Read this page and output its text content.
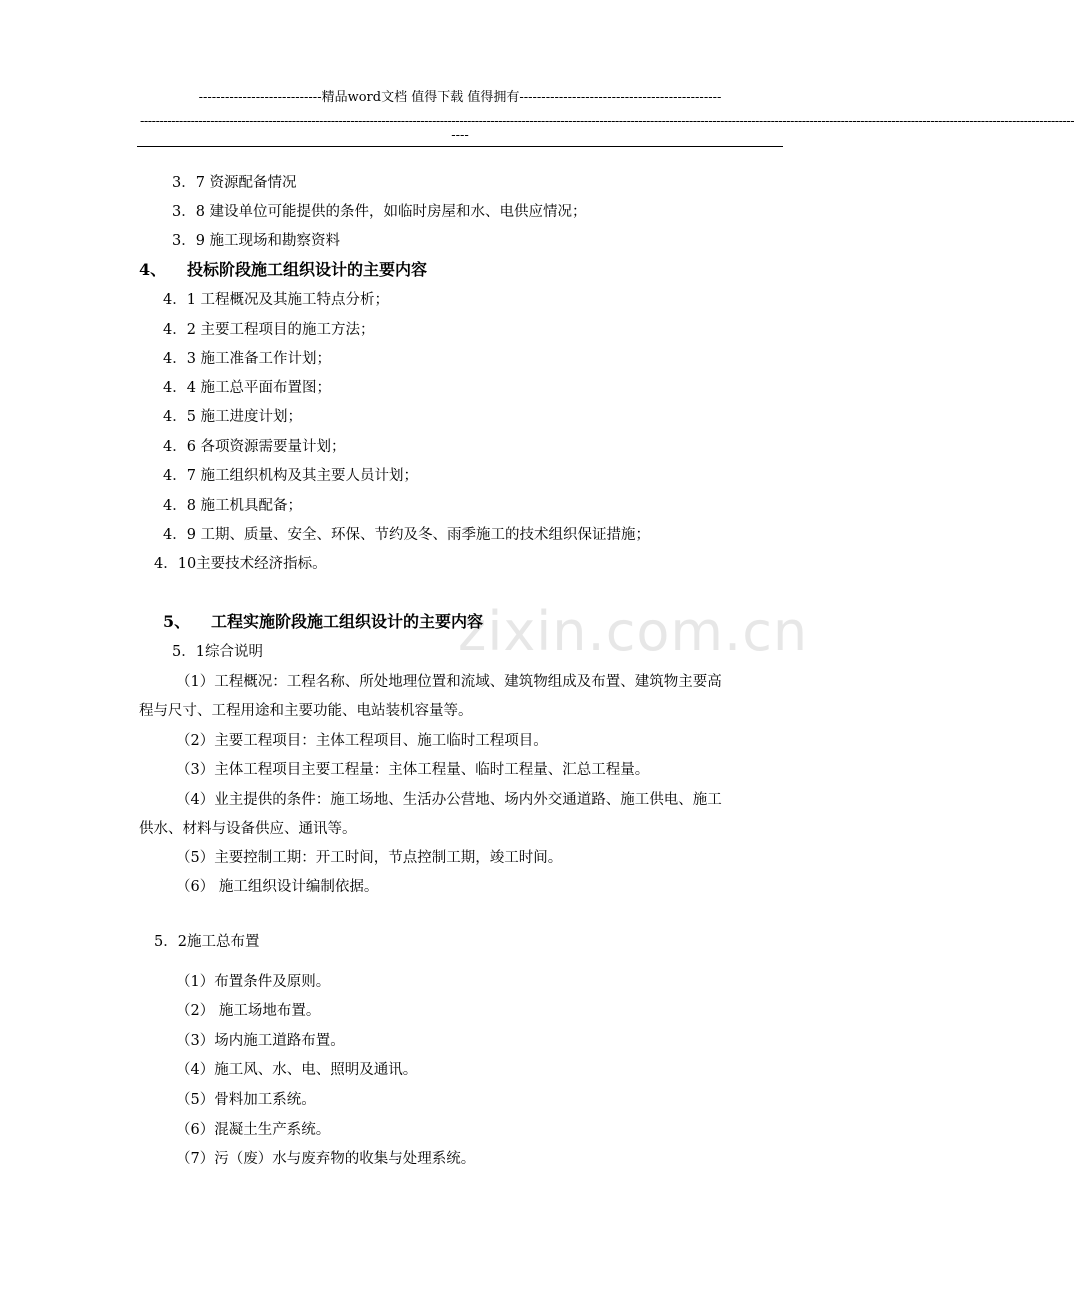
----------------------------精品word文档 值得下载 值得拥有----------------------------------------------
------------------------------------------------------------------------------------------------------------------------------------------------------------------------------------------------------------------------------------------------
----
zixin.com.cn
3．7 资源配备情况
3．8 建设单位可能提供的条件，如临时房屋和水、电供应情况；
3．9 施工现场和勘察资料
4、 投标阶段施工组织设计的主要内容
4．1 工程概况及其施工特点分析；
4．2 主要工程项目的施工方法；
4．3 施工准备工作计划；
4．4 施工总平面布置图；
4．5 施工进度计划；
4．6 各项资源需要量计划；
4．7 施工组织机构及其主要人员计划；
4．8 施工机具配备；
4．9 工期、质量、安全、环保、节约及冬、雨季施工的技术组织保证措施；
4．10主要技术经济指标。
5、 工程实施阶段施工组织设计的主要内容
5．1综合说明
（1）工程概况：工程名称、所处地理位置和流域、建筑物组成及布置、建筑物主要高
程与尺寸、工程用途和主要功能、电站装机容量等。
（2）主要工程项目：主体工程项目、施工临时工程项目。
（3）主体工程项目主要工程量：主体工程量、临时工程量、汇总工程量。
（4）业主提供的条件：施工场地、生活办公营地、场内外交通道路、施工供电、施工
供水、材料与设备供应、通讯等。
（5）主要控制工期：开工时间，节点控制工期，竣工时间。
（6） 施工组织设计编制依据。
5．2施工总布置
（1）布置条件及原则。
（2） 施工场地布置。
（3）场内施工道路布置。
（4）施工风、水、电、照明及通讯。
（5）骨料加工系统。
（6）混凝土生产系统。
（7）污（废）水与废弃物的收集与处理系统。
